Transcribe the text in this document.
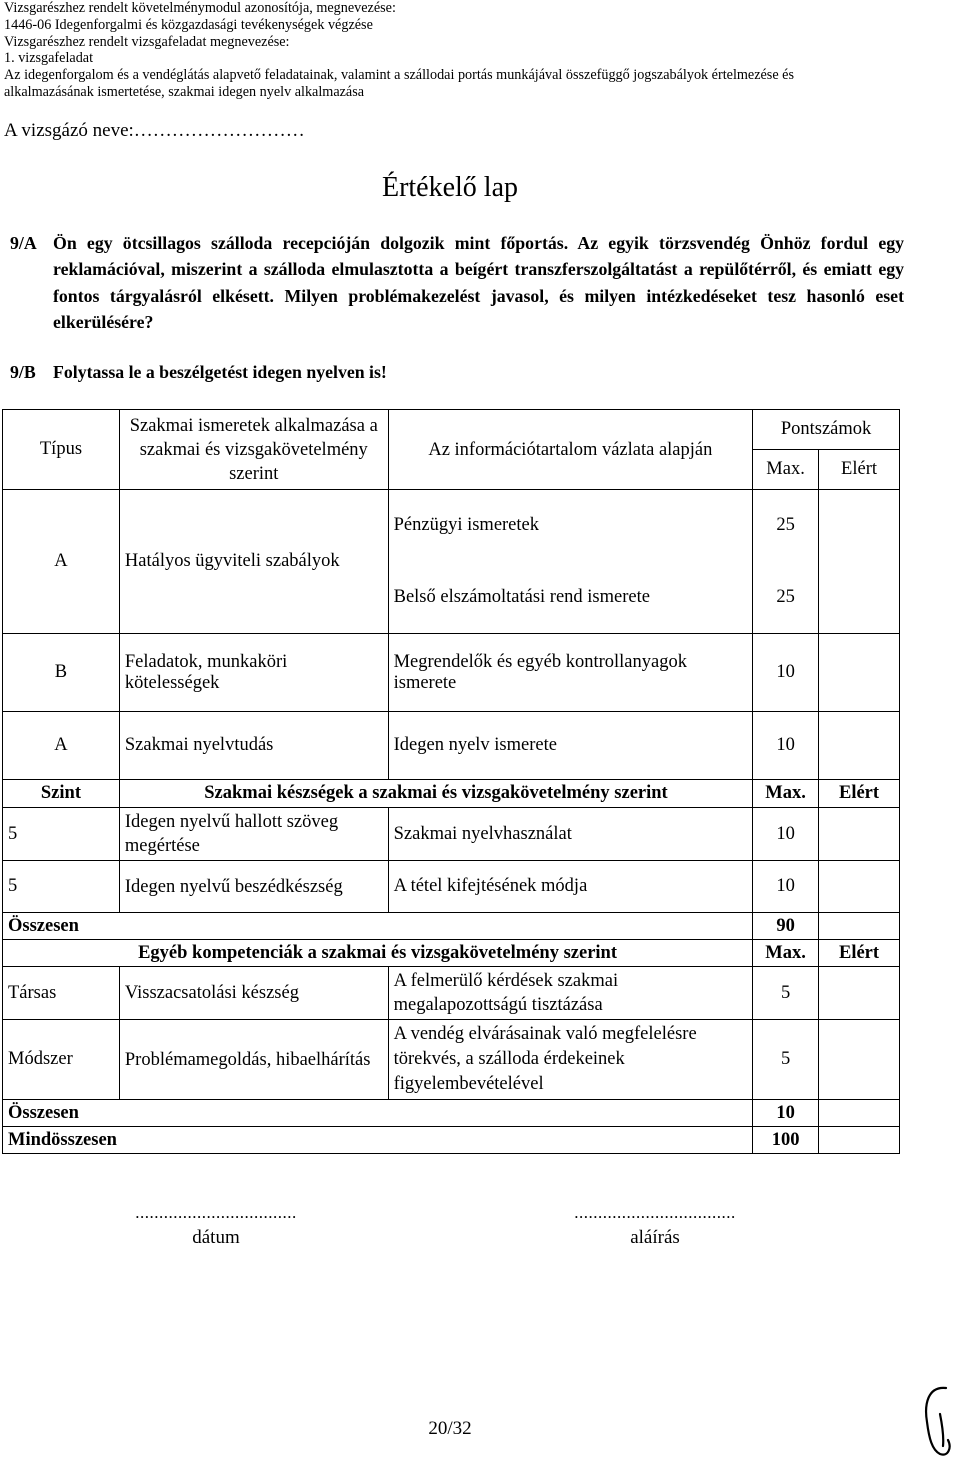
Vizsgarészhez rendelt követelménymodul azonosítója, megnevezése:
1446-06 Idegenforgalmi és közgazdasági tevékenységek végzése
Vizsgarészhez rendelt vizsgafeladat megnevezése:
1. vizsgafeladat
Az idegenforgalom és a vendéglátás alapvető feladatainak, valamint a szállodai portás munkájával összefüggő jogszabályok értelmezése és
alkalmazásának ismertetése, szakmai idegen nyelv alkalmazása
A vizsgázó neve:………………………
Értékelő lap
9/A Ön egy ötcsillagos szálloda recepcióján dolgozik mint főportás. Az egyik törzsvendég Önhöz fordul egy reklamációval, miszerint a szálloda elmulasztotta a beígért transzferszolgáltatást a repülőtérről, és emiatt egy fontos tárgyalásról elkésett. Milyen problémakezelést javasol, és milyen intézkedéseket tesz hasonló eset elkerülésére?
9/B Folytassa le a beszélgetést idegen nyelven is!
Típus	Szakmai ismeretek alkalmazása a szakmai és vizsgakövetelmény szerint	Az információtartalom vázlata alapján	Pontszámok	
			Max.	Elért
A	Hatályos ügyviteli szabályok	Pénzügyi ismeretek	25	
		Belső elszámoltatási rend ismerete	25	
B	Feladatok, munkaköri kötelességek	Megrendelők és egyéb kontrollanyagok ismerete	10	
A	Szakmai nyelvtudás	Idegen nyelv ismerete	10	
Szint	Szakmai készségek a szakmai és vizsgakövetelmény szerint		Max.	Elért
5	Idegen nyelvű hallott szöveg megértése	Szakmai nyelvhasználat	10	
5	Idegen nyelvű beszédkészség	A tétel kifejtésének módja	10	
Összesen			90	
Egyéb kompetenciák a szakmai és vizsgakövetelmény szerint			Max.	Elért
Társas	Visszacsatolási készség	A felmerülő kérdések szakmai megalapozottságú tisztázása	5	
Módszer	Problémamegoldás, hibaelhárítás	A vendég elvárásainak való megfelelésre törekvés, a szálloda érdekeinek figyelembevételével	5	
Összesen			10	
Mindösszesen			100	
..................................
dátum
..................................
aláírás
20/32
